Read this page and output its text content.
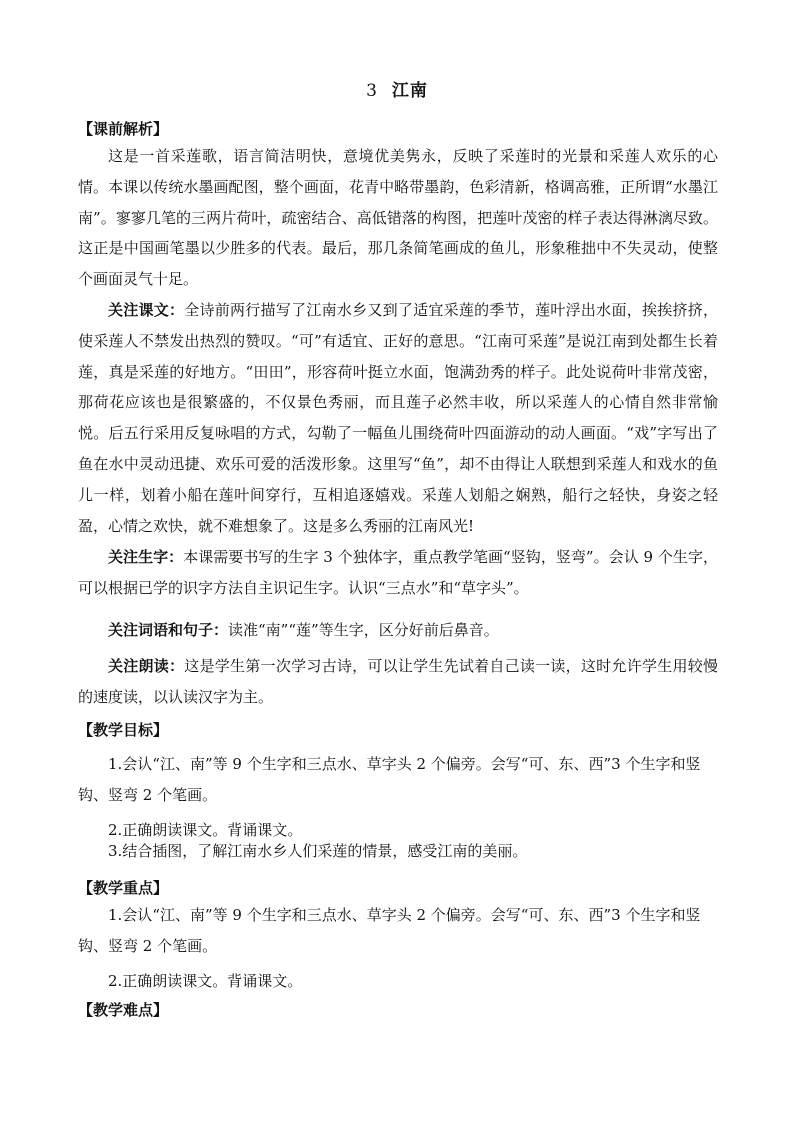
3 江南
【课前解析】
这是一首采莲歌，语言简洁明快，意境优美隽永，反映了采莲时的光景和采莲人欢乐的心情。本课以传统水墨画配图，整个画面，花青中略带墨韵，色彩清新，格调高雅，正所谓“水墨江南”。寥寥几笔的三两片荷叶，疏密结合、高低错落的构图，把莲叶茂密的样子表达得淋漓尽致。这正是中国画笔墨以少胜多的代表。最后，那几条简笔画成的鱼儿，形象稚拙中不失灵动，使整个画面灵气十足。
关注课文：全诗前两行描写了江南水乡又到了适宜采莲的季节，莲叶浮出水面，挨挨挤挤，使采莲人不禁发出热烈的赞叹。“可”有适宜、正好的意思。“江南可采莲”是说江南到处都生长着莲，真是采莲的好地方。“田田”，形容荷叶挺立水面，饱满劲秀的样子。此处说荷叶非常茂密，那荷花应该也是很繁盛的，不仅景色秀丽，而且莲子必然丰收，所以采莲人的心情自然非常愉悦。后五行采用反复咏唱的方式，勾勒了一幅鱼儿围绕荷叶四面游动的动人画面。“戏”字写出了鱼在水中灵动迅捷、欢乐可爱的活泼形象。这里写“鱼”，却不由得让人联想到采莲人和戏水的鱼儿一样，划着小船在莲叶间穿行，互相追逐嬉戏。采莲人划船之娴熟，船行之轻快，身姿之轻盈，心情之欢快，就不难想象了。这是多么秀丽的江南风光!
关注生字：本课需要书写的生字 3 个独体字，重点教学笔画“竖钩，竖弯”。会认 9 个生字，可以根据已学的识字方法自主识记生字。认识“三点水”和“草字头”。
关注词语和句子：读准“南”“莲”等生字，区分好前后鼻音。
关注朗读：这是学生第一次学习古诗，可以让学生先试着自己读一读，这时允许学生用较慢的速度读，以认读汉字为主。
【教学目标】
1.会认“江、南”等 9 个生字和三点水、草字头 2 个偏旁。会写“可、东、西”3 个生字和竖钩、竖弯 2 个笔画。
2.正确朗读课文。背诵课文。
3.结合插图，了解江南水乡人们采莲的情景，感受江南的美丽。
【教学重点】
1.会认“江、南”等 9 个生字和三点水、草字头 2 个偏旁。会写“可、东、西”3 个生字和竖钩、竖弯 2 个笔画。
2.正确朗读课文。背诵课文。
【教学难点】
